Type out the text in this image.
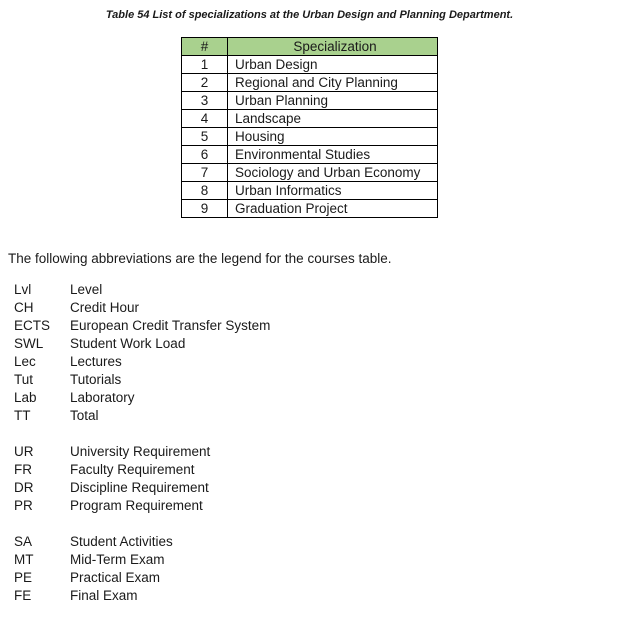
Table 54 List of specializations at the Urban Design and Planning Department.
#	Specialization
1	Urban Design
2	Regional and City Planning
3	Urban Planning
4	Landscape
5	Housing
6	Environmental Studies
7	Sociology and Urban Economy
8	Urban Informatics
9	Graduation Project
The following abbreviations are the legend for the courses table.
Lvl	Level
CH	Credit Hour
ECTS	European Credit Transfer System
SWL	Student Work Load
Lec	Lectures
Tut	Tutorials
Lab	Laboratory
TT	Total
UR	University Requirement
FR	Faculty Requirement
DR	Discipline Requirement
PR	Program Requirement
SA	Student Activities
MT	Mid-Term Exam
PE	Practical Exam
FE	Final Exam
